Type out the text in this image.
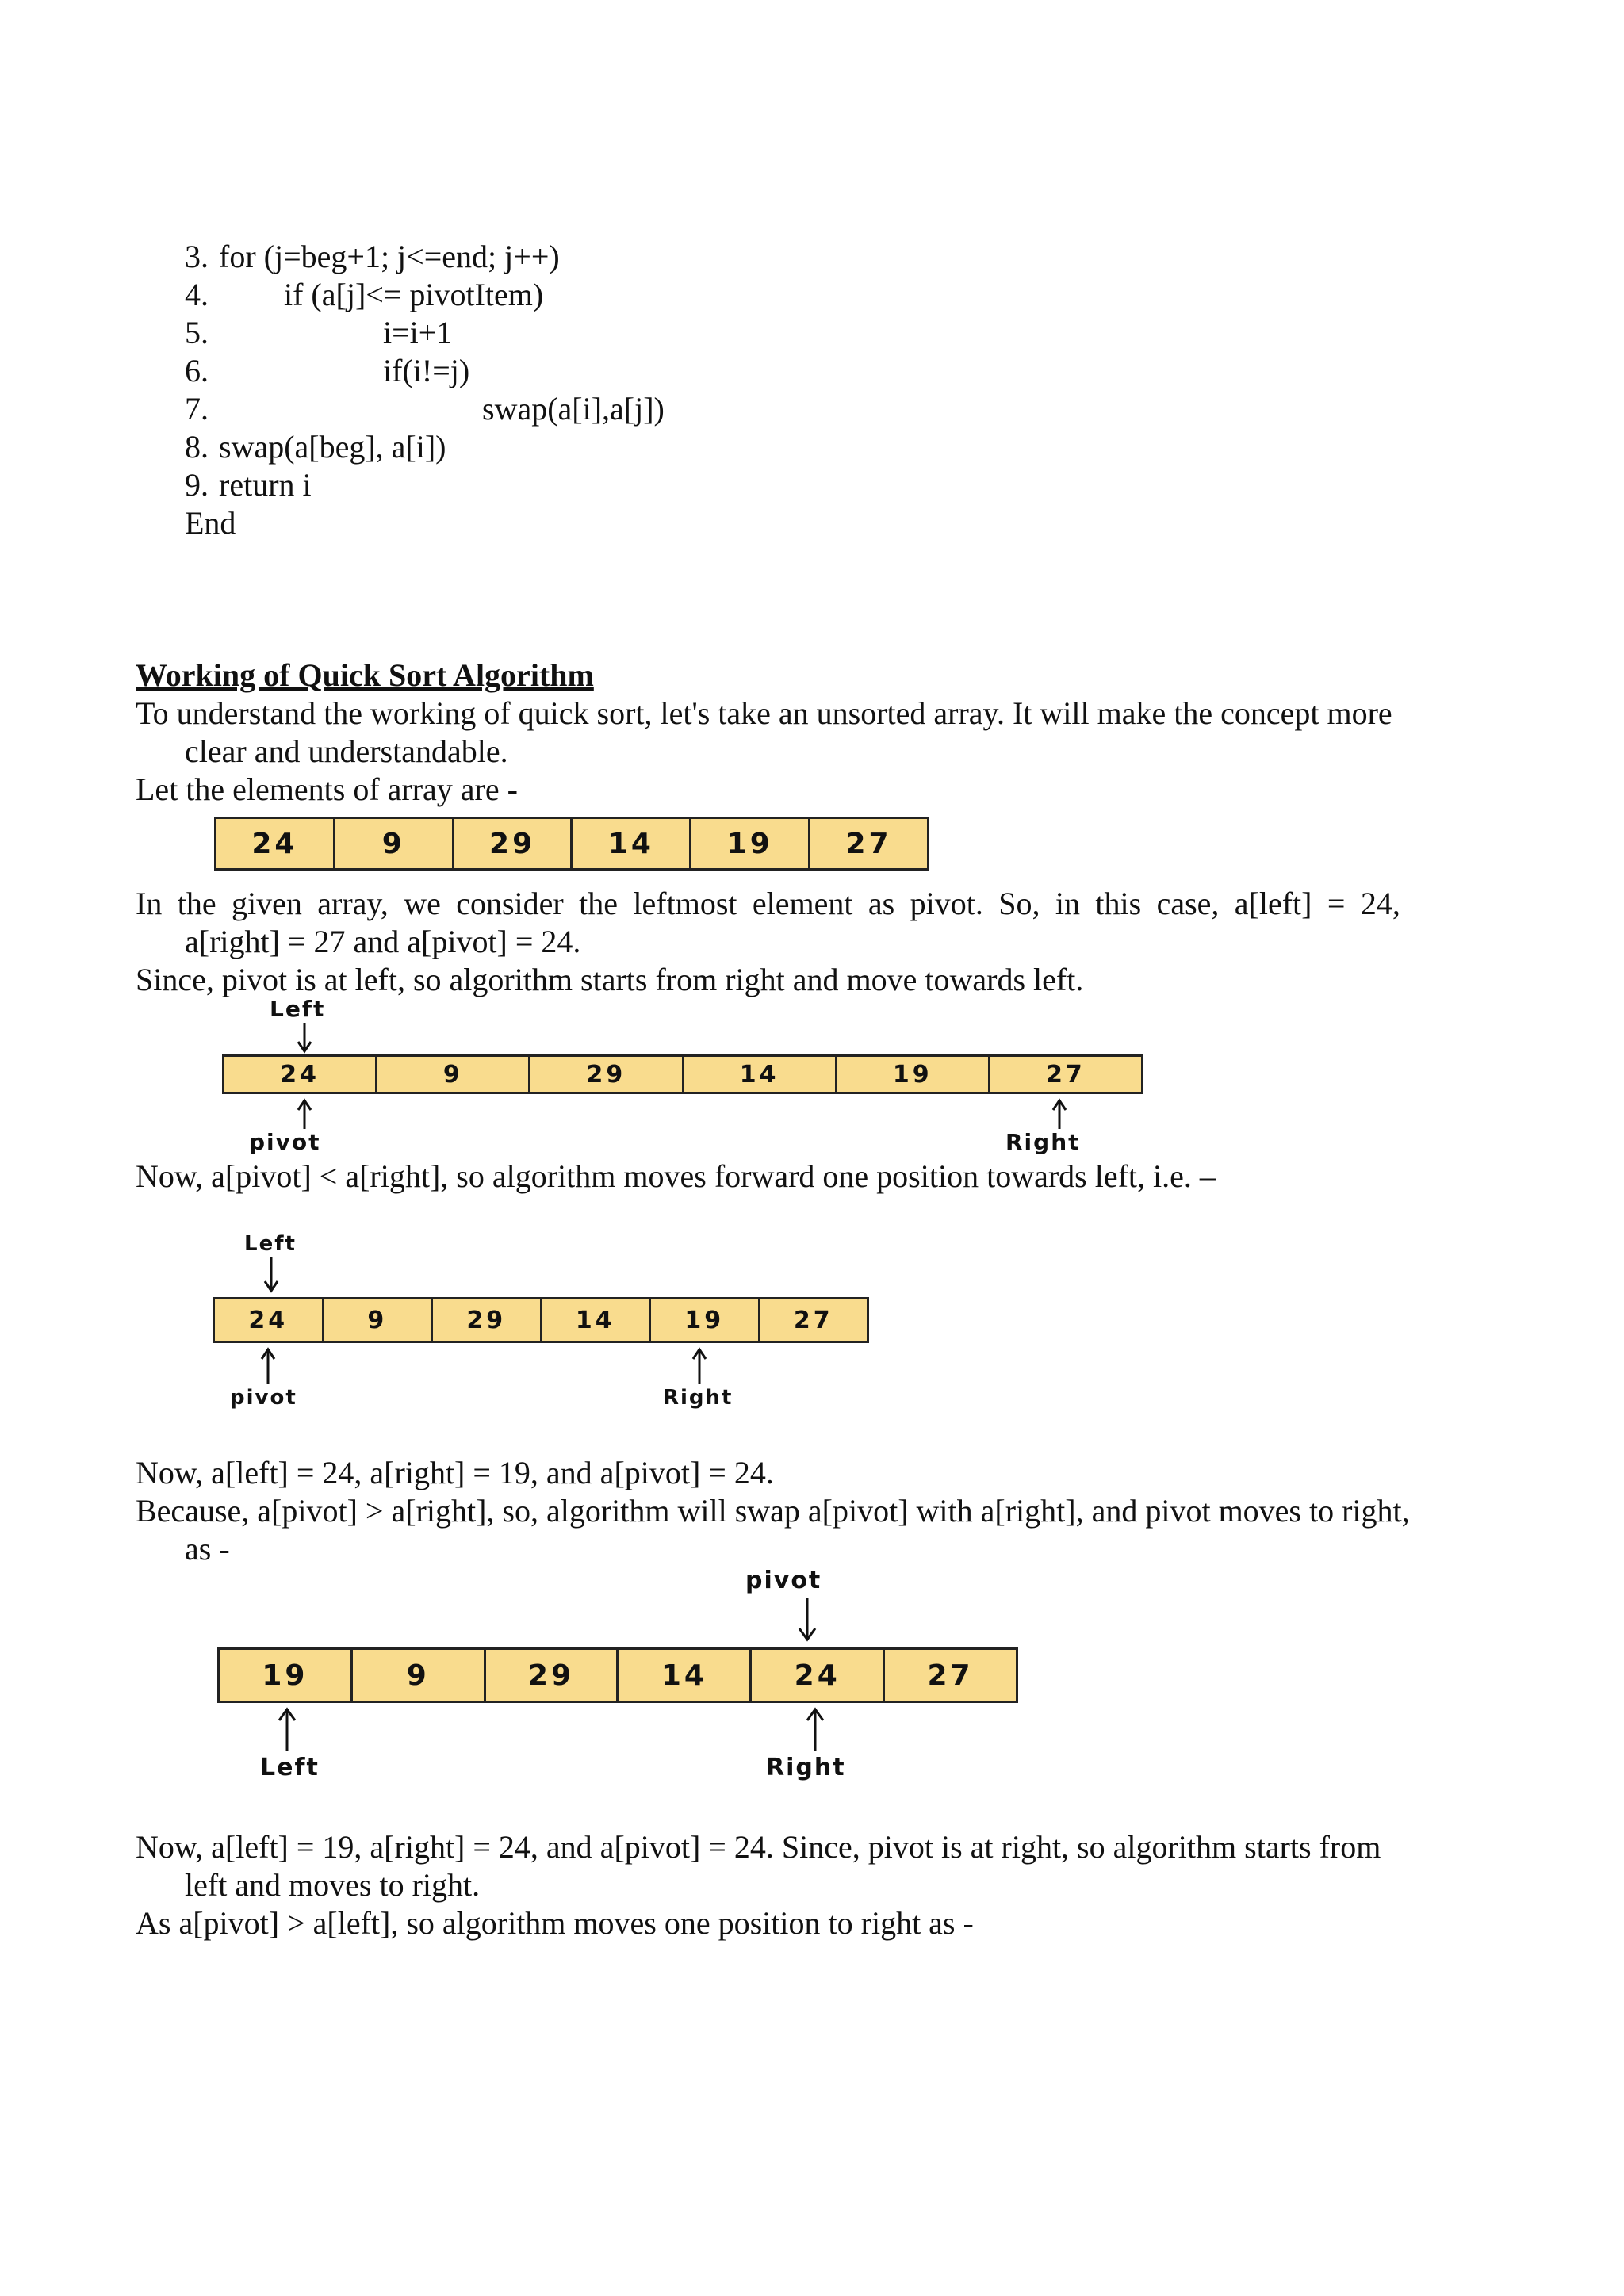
3. for (j=beg+1; j<=end; j++)
4. if (a[j]<= pivotItem)
5.	i=i+1
6.	if(i!=j)
7.	swap(a[i],a[j])
8. swap(a[beg], a[i])
9. return i
End
Working of Quick Sort Algorithm
To understand the working of quick sort, let's take an unsorted array. It will make the concept more
clear and understandable.
Let the elements of array are -
24	9	29	14	19	27
In the given array, we consider the leftmost element as pivot. So, in this case, a[left] = 24,
a[right] = 27 and a[pivot] = 24.
Since, pivot is at left, so algorithm starts from right and move towards left.
Left
24	9	29	14	19	27
pivot	Right
Now, a[pivot] < a[right], so algorithm moves forward one position towards left, i.e. –
Left
24	9	29	14	19	27
pivot	Right
Now, a[left] = 24, a[right] = 19, and a[pivot] = 24.
Because, a[pivot] > a[right], so, algorithm will swap a[pivot] with a[right], and pivot moves to right,
as -
pivot
19	9	29	14	24	27
Left	Right
Now, a[left] = 19, a[right] = 24, and a[pivot] = 24. Since, pivot is at right, so algorithm starts from
left and moves to right.
As a[pivot] > a[left], so algorithm moves one position to right as -
